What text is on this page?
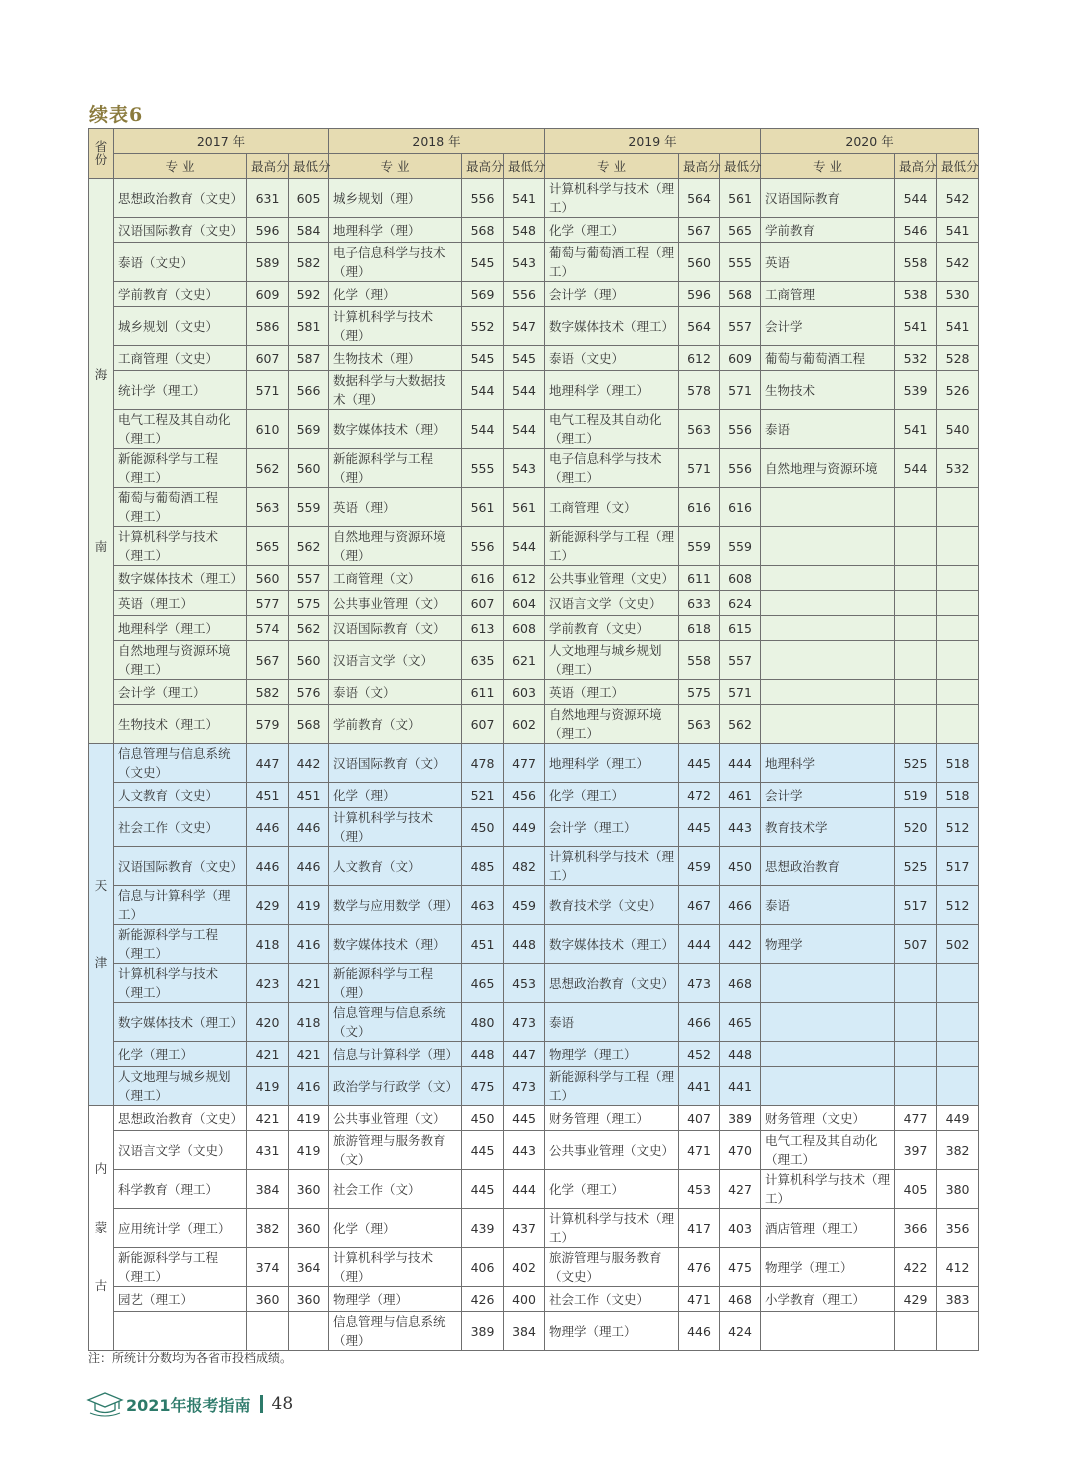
续表6
省
份	2017 年			2018 年			2019 年			2020 年		
	专 业	最高分	最低分	专 业	最高分	最低分	专 业	最高分	最低分	专 业	最高分	最低分

海
南	思想政治教育（文史）	631	605	城乡规划（理）	556	541	计算机科学与技术（理工）	564	561	汉语国际教育	544	542
	汉语国际教育（文史）	596	584	地理科学（理）	568	548	化学（理工）	567	565	学前教育	546	541
	泰语（文史）	589	582	电子信息科学与技术（理）	545	543	葡萄与葡萄酒工程（理工）	560	555	英语	558	542
	学前教育（文史）	609	592	化学（理）	569	556	会计学（理）	596	568	工商管理	538	530
	城乡规划（文史）	586	581	计算机科学与技术（理）	552	547	数字媒体技术（理工）	564	557	会计学	541	541
	工商管理（文史）	607	587	生物技术（理）	545	545	泰语（文史）	612	609	葡萄与葡萄酒工程	532	528
	统计学（理工）	571	566	数据科学与大数据技术（理）	544	544	地理科学（理工）	578	571	生物技术	539	526
	电气工程及其自动化（理工）	610	569	数字媒体技术（理）	544	544	电气工程及其自动化（理工）	563	556	泰语	541	540
	新能源科学与工程（理工）	562	560	新能源科学与工程（理）	555	543	电子信息科学与技术（理工）	571	556	自然地理与资源环境	544	532
	葡萄与葡萄酒工程（理工）	563	559	英语（理）	561	561	工商管理（文）	616	616			
	计算机科学与技术（理工）	565	562	自然地理与资源环境（理）	556	544	新能源科学与工程（理工）	559	559			
	数字媒体技术（理工）	560	557	工商管理（文）	616	612	公共事业管理（文史）	611	608			
	英语（理工）	577	575	公共事业管理（文）	607	604	汉语言文学（文史）	633	624			
	地理科学（理工）	574	562	汉语国际教育（文）	613	608	学前教育（文史）	618	615			
	自然地理与资源环境（理工）	567	560	汉语言文学（文）	635	621	人文地理与城乡规划（理工）	558	557			
	会计学（理工）	582	576	泰语（文）	611	603	英语（理工）	575	571			
	生物技术（理工）	579	568	学前教育（文）	607	602	自然地理与资源环境（理工）	563	562			

天
津	信息管理与信息系统（文史）	447	442	汉语国际教育（文）	478	477	地理科学（理工）	445	444	地理科学	525	518
	人文教育（文史）	451	451	化学（理）	521	456	化学（理工）	472	461	会计学	519	518
	社会工作（文史）	446	446	计算机科学与技术（理）	450	449	会计学（理工）	445	443	教育技术学	520	512
	汉语国际教育（文史）	446	446	人文教育（文）	485	482	计算机科学与技术（理工）	459	450	思想政治教育	525	517
	信息与计算科学（理工）	429	419	数学与应用数学（理）	463	459	教育技术学（文史）	467	466	泰语	517	512
	新能源科学与工程（理工）	418	416	数字媒体技术（理）	451	448	数字媒体技术（理工）	444	442	物理学	507	502
	计算机科学与技术（理工）	423	421	新能源科学与工程（理）	465	453	思想政治教育（文史）	473	468			
	数字媒体技术（理工）	420	418	信息管理与信息系统（文）	480	473	泰语	466	465			
	化学（理工）	421	421	信息与计算科学（理）	448	447	物理学（理工）	452	448			
	人文地理与城乡规划（理工）	419	416	政治学与行政学（文）	475	473	新能源科学与工程（理工）	441	441			

内
蒙
古	思想政治教育（文史）	421	419	公共事业管理（文）	450	445	财务管理（理工）	407	389	财务管理（文史）	477	449
	汉语言文学（文史）	431	419	旅游管理与服务教育（文）	445	443	公共事业管理（文史）	471	470	电气工程及其自动化（理工）	397	382
	科学教育（理工）	384	360	社会工作（文）	445	444	化学（理工）	453	427	计算机科学与技术（理工）	405	380
	应用统计学（理工）	382	360	化学（理）	439	437	计算机科学与技术（理工）	417	403	酒店管理（理工）	366	356
	新能源科学与工程（理工）	374	364	计算机科学与技术（理）	406	402	旅游管理与服务教育（文史）	476	475	物理学（理工）	422	412
	园艺（理工）	360	360	物理学（理）	426	400	社会工作（文史）	471	468	小学教育（理工）	429	383
				信息管理与信息系统（理）	389	384	物理学（理工）	446	424			
注：所统计分数均为各省市投档成绩。
2021年报考指南 48
